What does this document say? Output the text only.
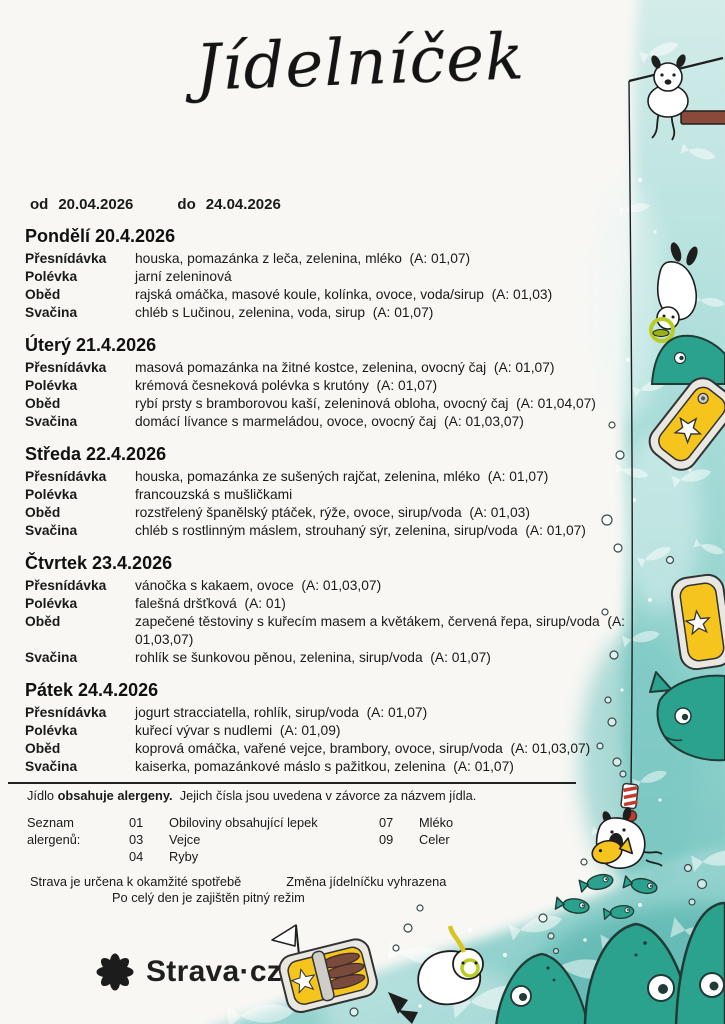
Jídelníček
od 20.04.2026	do 24.04.2026
Pondělí 20.4.2026
Přesnídávka	houska, pomazánka z leča, zelenina, mléko  (A: 01,07)
Polévka	jarní zeleninová
Oběd	rajská omáčka, masové koule, kolínka, ovoce, voda/sirup  (A: 01,03)
Svačina	chléb s Lučinou, zelenina, voda, sirup  (A: 01,07)
Úterý 21.4.2026
Přesnídávka	masová pomazánka na žitné kostce, zelenina, ovocný čaj  (A: 01,07)
Polévka	krémová česneková polévka s krutóny  (A: 01,07)
Oběd	rybí prsty s bramborovou kaší, zeleninová obloha, ovocný čaj  (A: 01,04,07)
Svačina	domácí lívance s marmeládou, ovoce, ovocný čaj  (A: 01,03,07)
Středa 22.4.2026
Přesnídávka	houska, pomazánka ze sušených rajčat, zelenina, mléko  (A: 01,07)
Polévka	francouzská s mušličkami
Oběd	rozstřelený španělský ptáček, rýže, ovoce, sirup/voda  (A: 01,03)
Svačina	chléb s rostlinným máslem, strouhaný sýr, zelenina, sirup/voda  (A: 01,07)
Čtvrtek 23.4.2026
Přesnídávka	vánočka s kakaem, ovoce  (A: 01,03,07)
Polévka	falešná dršťková  (A: 01)
Oběd	zapečené těstoviny s kuřecím masem a květákem, červená řepa, sirup/voda  (A: 01,03,07)
Svačina	rohlík se šunkovou pěnou, zelenina, sirup/voda  (A: 01,07)
Pátek 24.4.2026
Přesnídávka	jogurt stracciatella, rohlík, sirup/voda  (A: 01,07)
Polévka	kuřecí vývar s nudlemi  (A: 01,09)
Oběd	koprová omáčka, vařené vejce, brambory, ovoce, sirup/voda  (A: 01,03,07)
Svačina	kaiserka, pomazánkové máslo s pažitkou, zelenina  (A: 01,07)
Jídlo obsahuje alergeny.  Jejich čísla jsou uvedena v závorce za názvem jídla.
Seznam alergenů:
01 Obiloviny obsahující lepek
03 Vejce
04 Ryby
07 Mléko
09 Celer
Strava je určena k okamžité spotřebě	Změna jídelníčku vyhrazena
Po celý den je zajištěn pitný režim
Strava·cz
